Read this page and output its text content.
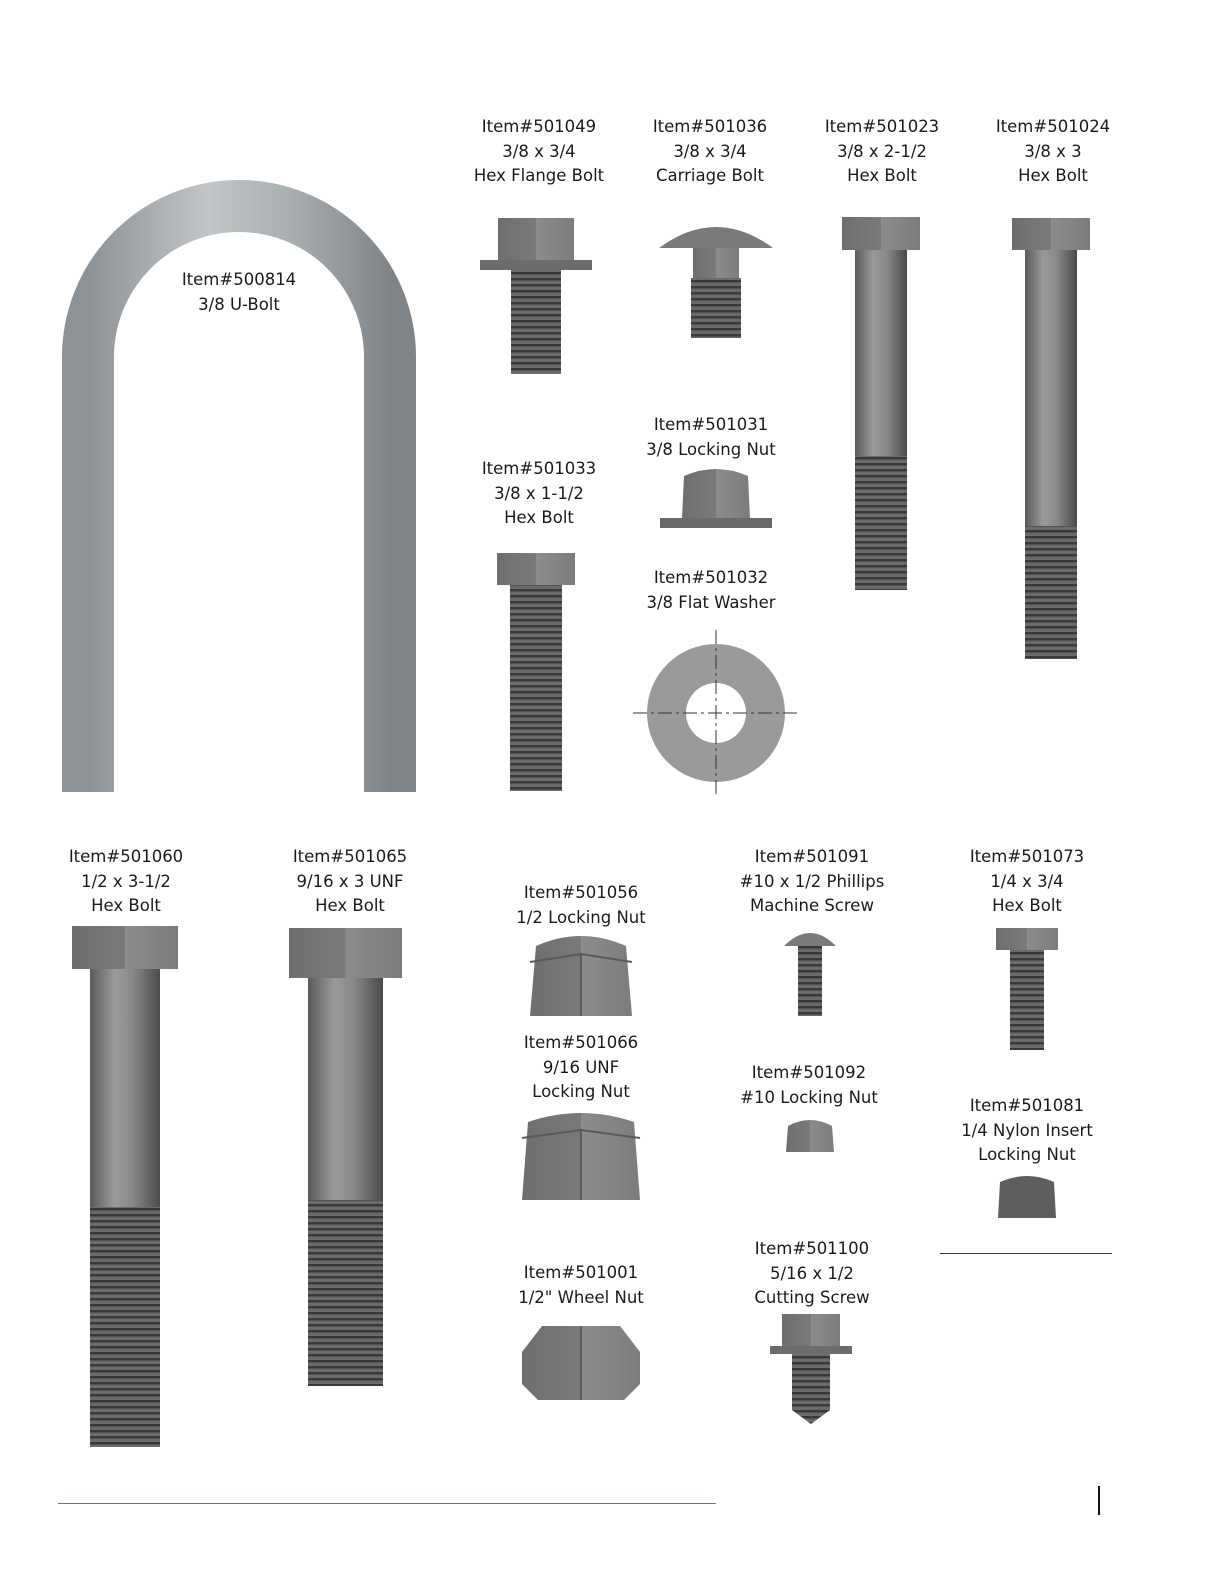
Item#500814
3/8 U-Bolt
Item#501049
3/8 x 3/4
Hex Flange Bolt
Item#501036
3/8 x 3/4
Carriage Bolt
Item#501023
3/8 x 2-1/2
Hex Bolt
Item#501024
3/8 x 3
Hex Bolt
Item#501031
3/8 Locking Nut
Item#501033
3/8 x 1-1/2
Hex Bolt
Item#501032
3/8 Flat Washer
Item#501060
1/2 x 3-1/2
Hex Bolt
Item#501065
9/16 x 3 UNF
Hex Bolt
Item#501056
1/2 Locking Nut
Item#501091
#10 x 1/2 Phillips
Machine Screw
Item#501073
1/4 x 3/4
Hex Bolt
Item#501066
9/16 UNF
Locking Nut
Item#501092
#10 Locking Nut	Item#501081
1/4 Nylon Insert
Locking Nut
Item#501001
1/2" Wheel Nut
Item#501100
5/16 x 1/2
Cutting Screw
